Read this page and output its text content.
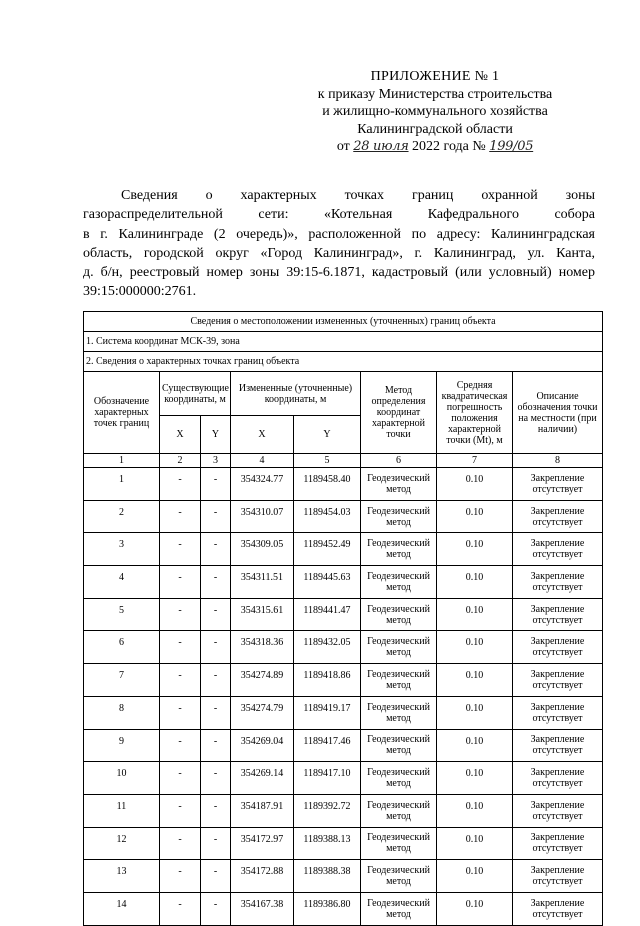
ПРИЛОЖЕНИЕ № 1
к приказу Министерства строительства
и жилищно-коммунального хозяйства
Калининградской области
от 28 июля 2022 года № 199/05
Сведения о характерных точках границ охранной зоны
газораспределительной сети: «Котельная Кафедрального собора
в г. Калининграде (2 очередь)», расположенной по адресу: Калининградская
область, городской округ «Город Калининград», г. Калининград, ул. Канта,
д. б/н, реестровый номер зоны 39:15-6.1871, кадастровый (или условный) номер
39:15:000000:2761.
Сведения о местоположении измененных (уточненных) границ объекта							
1. Система координат МСК-39, зона							
2. Сведения о характерных точках границ объекта							
Обозначение характерных точек границ	Существующие координаты, м		Измененные (уточненные) координаты, м		Метод определения координат характерной точки	Средняя квадратическая погрешность положения характерной точки (Mt), м	Описание обозначения точки на местности (при наличии)
	X	Y	X	Y			
1	2	3	4	5	6	7	8
1	-	-	354324.77	1189458.40	Геодезический метод	0.10	Закрепление отсутствует
2	-	-	354310.07	1189454.03	Геодезический метод	0.10	Закрепление отсутствует
3	-	-	354309.05	1189452.49	Геодезический метод	0.10	Закрепление отсутствует
4	-	-	354311.51	1189445.63	Геодезический метод	0.10	Закрепление отсутствует
5	-	-	354315.61	1189441.47	Геодезический метод	0.10	Закрепление отсутствует
6	-	-	354318.36	1189432.05	Геодезический метод	0.10	Закрепление отсутствует
7	-	-	354274.89	1189418.86	Геодезический метод	0.10	Закрепление отсутствует
8	-	-	354274.79	1189419.17	Геодезический метод	0.10	Закрепление отсутствует
9	-	-	354269.04	1189417.46	Геодезический метод	0.10	Закрепление отсутствует
10	-	-	354269.14	1189417.10	Геодезический метод	0.10	Закрепление отсутствует
11	-	-	354187.91	1189392.72	Геодезический метод	0.10	Закрепление отсутствует
12	-	-	354172.97	1189388.13	Геодезический метод	0.10	Закрепление отсутствует
13	-	-	354172.88	1189388.38	Геодезический метод	0.10	Закрепление отсутствует
14	-	-	354167.38	1189386.80	Геодезический метод	0.10	Закрепление отсутствует
